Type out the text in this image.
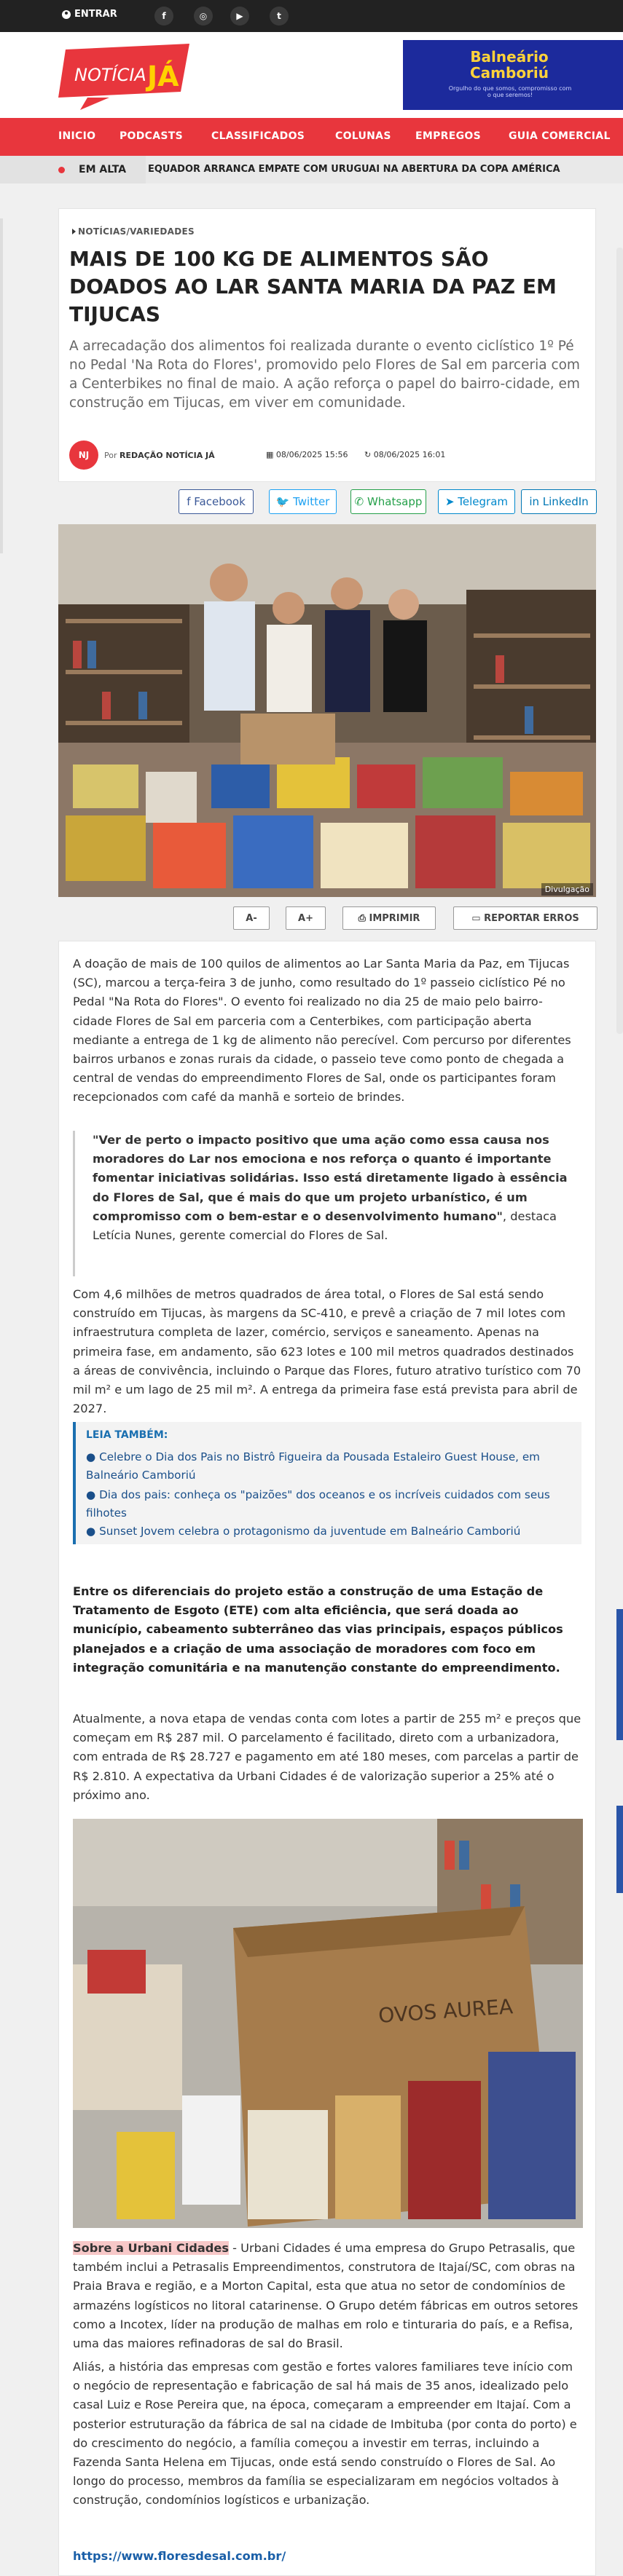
ENTRAR	f	◎	▶	t
NOTÍCIA JÁ
Balneário Camboriú
Orgulho do que somos, compromisso com o que seremos!
INICIO PODCASTS	CLASSIFICADOS	COLUNAS EMPREGOS	GUIA COMERCIAL
EM ALTA EQUADOR ARRANCA EMPATE COM URUGUAI NA ABERTURA DA COPA AMÉRICA
NOTÍCIAS/VARIEDADES
MAIS DE 100 KG DE ALIMENTOS SÃO DOADOS AO LAR SANTA MARIA DA PAZ EM TIJUCAS

A arrecadação dos alimentos foi realizada durante o evento ciclístico 1º Pé no Pedal 'Na Rota do Flores', promovido pelo Flores de Sal em parceria com a Centerbikes no final de maio. A ação reforça o papel do bairro-cidade, em construção em Tijucas, em viver em comunidade.

NJ	Por REDAÇÃO NOTÍCIA JÁ	▦ 08/06/2025 15:56 ↻ 08/06/2025 16:01
f Facebook	🐦 Twitter ✆ Whatsapp ➤ Telegram in LinkedIn
Divulgação
A-	A+	⎙ IMPRIMIR	▭ REPORTAR ERROS

A doação de mais de 100 quilos de alimentos ao Lar Santa Maria da Paz, em Tijucas (SC), marcou a terça-feira 3 de junho, como resultado do 1º passeio ciclístico Pé no Pedal "Na Rota do Flores". O evento foi realizado no dia 25 de maio pelo bairro-cidade Flores de Sal em parceria com a Centerbikes, com participação aberta mediante a entrega de 1 kg de alimento não perecível. Com percurso por diferentes bairros urbanos e zonas rurais da cidade, o passeio teve como ponto de chegada a central de vendas do empreendimento Flores de Sal, onde os participantes foram recepcionados com café da manhã e sorteio de brindes.

"Ver de perto o impacto positivo que uma ação como essa causa nos moradores do Lar nos emociona e nos reforça o quanto é importante fomentar iniciativas solidárias. Isso está diretamente ligado à essência do Flores de Sal, que é mais do que um projeto urbanístico, é um compromisso com o bem-estar e o desenvolvimento humano", destaca Letícia Nunes, gerente comercial do Flores de Sal.

Com 4,6 milhões de metros quadrados de área total, o Flores de Sal está sendo construído em Tijucas, às margens da SC-410, e prevê a criação de 7 mil lotes com infraestrutura completa de lazer, comércio, serviços e saneamento. Apenas na primeira fase, em andamento, são 623 lotes e 100 mil metros quadrados destinados a áreas de convivência, incluindo o Parque das Flores, futuro atrativo turístico com 70 mil m² e um lago de 25 mil m². A entrega da primeira fase está prevista para abril de 2027.

LEIA TAMBÉM:
● Celebre o Dia dos Pais no Bistrô Figueira da Pousada Estaleiro Guest House, em Balneário Camboriú
● Dia dos pais: conheça os "paizões" dos oceanos e os incríveis cuidados com seus filhotes
● Sunset Jovem celebra o protagonismo da juventude em Balneário Camboriú

Entre os diferenciais do projeto estão a construção de uma Estação de Tratamento de Esgoto (ETE) com alta eficiência, que será doada ao município, cabeamento subterrâneo das vias principais, espaços públicos planejados e a criação de uma associação de moradores com foco em integração comunitária e na manutenção constante do empreendimento.

Atualmente, a nova etapa de vendas conta com lotes a partir de 255 m² e preços que começam em R$ 287 mil. O parcelamento é facilitado, direto com a urbanizadora, com entrada de R$ 28.727 e pagamento em até 180 meses, com parcelas a partir de R$ 2.810. A expectativa da Urbani Cidades é de valorização superior a 25% até o próximo ano.

OVOS AUREA

Sobre a Urbani Cidades - Urbani Cidades é uma empresa do Grupo Petrasalis, que também inclui a Petrasalis Empreendimentos, construtora de Itajaí/SC, com obras na Praia Brava e região, e a Morton Capital, esta que atua no setor de condomínios de armazéns logísticos no litoral catarinense. O Grupo detém fábricas em outros setores como a Incotex, líder na produção de malhas em rolo e tinturaria do país, e a Refisa, uma das maiores refinadoras de sal do Brasil.

Aliás, a história das empresas com gestão e fortes valores familiares teve início com o negócio de representação e fabricação de sal há mais de 35 anos, idealizado pelo casal Luiz e Rose Pereira que, na época, começaram a empreender em Itajaí. Com a posterior estruturação da fábrica de sal na cidade de Imbituba (por conta do porto) e do crescimento do negócio, a família começou a investir em terras, incluindo a Fazenda Santa Helena em Tijucas, onde está sendo construído o Flores de Sal. Ao longo do processo, membros da família se especializaram em negócios voltados à construção, condomínios logísticos e urbanização.

https://www.floresdesal.com.br/
